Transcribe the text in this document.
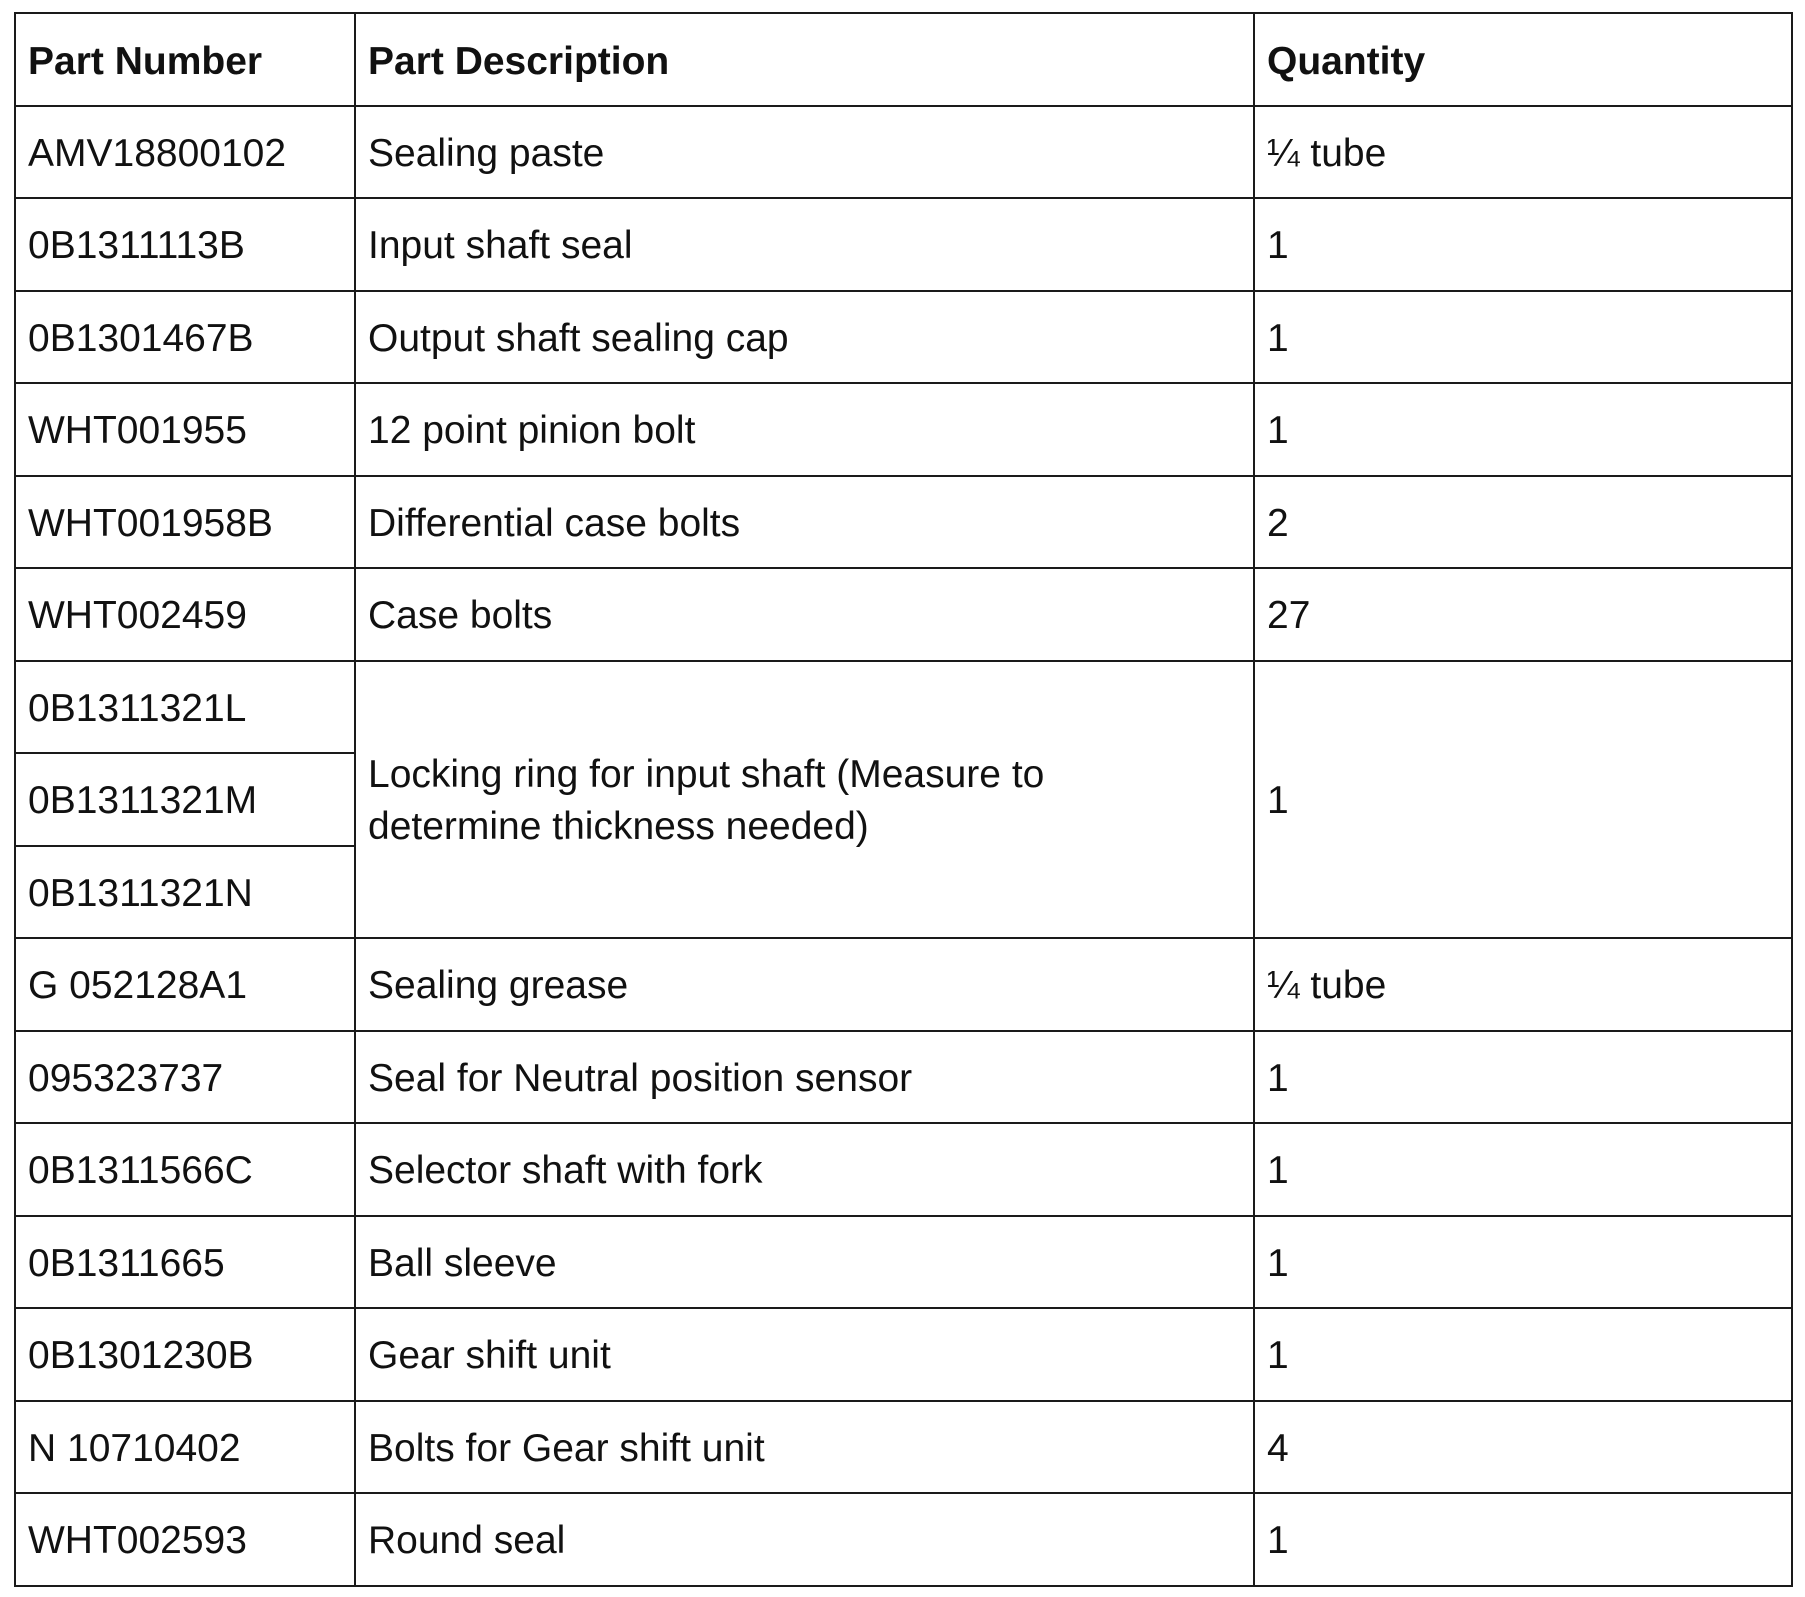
Part Number	Part Description	Quantity
AMV18800102	Sealing paste	¼ tube
0B1311113B	Input shaft seal	1
0B1301467B	Output shaft sealing cap	1
WHT001955	12 point pinion bolt	1
WHT001958B	Differential case bolts	2
WHT002459	Case bolts	27
0B1311321L	Locking ring for input shaft (Measure to determine thickness needed)	1
0B1311321M		
0B1311321N		
G 052128A1	Sealing grease	¼ tube
095323737	Seal for Neutral position sensor	1
0B1311566C	Selector shaft with fork	1
0B1311665	Ball sleeve	1
0B1301230B	Gear shift unit	1
N 10710402	Bolts for Gear shift unit	4
WHT002593	Round seal	1
